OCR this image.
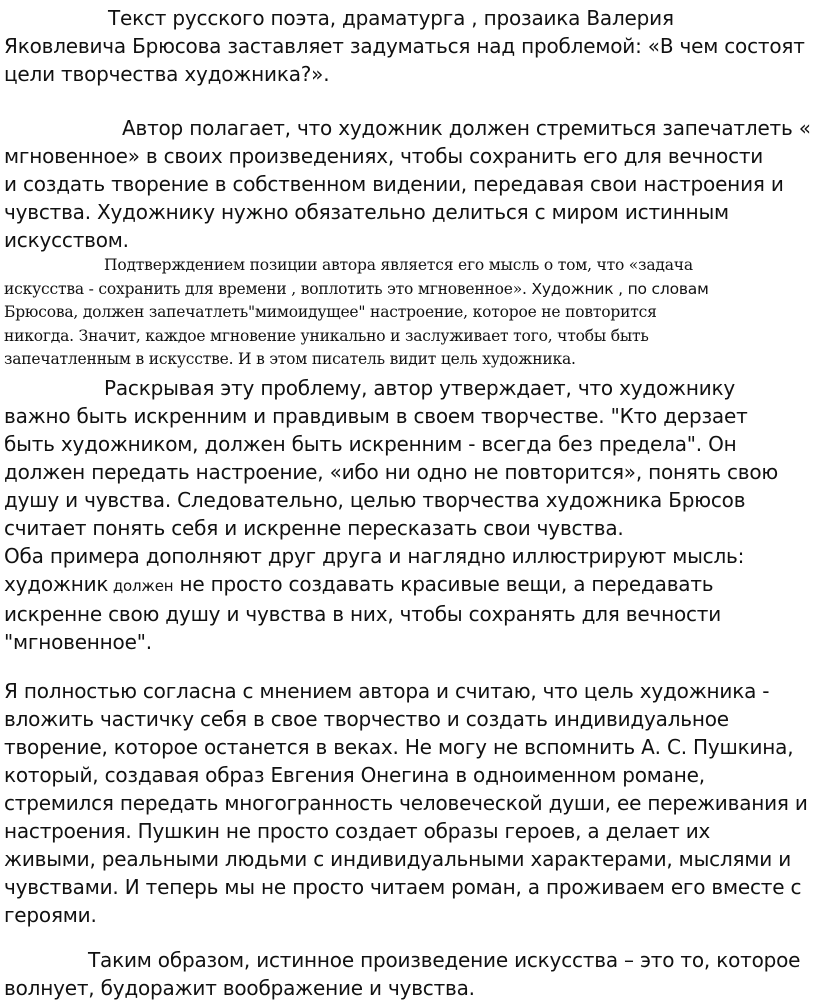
Текст русского поэта, драматурга , прозаика Валерия

Яковлевича Брюсова заставляет задуматься над проблемой: «В чем состоят

цели творчества художника?».

Автор полагает, что художник должен стремиться запечатлеть «

мгновенное» в своих произведениях, чтобы сохранить его для вечности

и создать творение в собственном видении, передавая свои настроения и

чувства. Художнику нужно обязательно делиться с миром истинным

искусством.

Подтверждением позиции автора является его мысль о том, что «задача

искусства - сохранить для времени , воплотить это мгновенное». Художник , по словам

Брюсова, должен запечатлеть"мимоидущее" настроение, которое не повторится

никогда. Значит, каждое мгновение уникально и заслуживает того, чтобы быть

запечатленным в искусстве. И в этом писатель видит цель художника.

Раскрывая эту проблему, автор утверждает, что художнику

важно быть искренним и правдивым в своем творчестве. "Кто дерзает

быть художником, должен быть искренним - всегда без предела". Он

должен передать настроение, «ибо ни одно не повторится», понять свою

душу и чувства. Следовательно, целью творчества художника Брюсов

считает понять себя и искренне пересказать свои чувства.

Оба примера дополняют друг друга и наглядно иллюстрируют мысль:

художник должен не просто создавать красивые вещи, а передавать

искренне свою душу и чувства в них, чтобы сохранять для вечности

"мгновенное".

Я полностью согласна с мнением автора и считаю, что цель художника -

вложить частичку себя в свое творчество и создать индивидуальное

творение, которое останется в веках. Не могу не вспомнить А. С. Пушкина,

который, создавая образ Евгения Онегина в одноименном романе,

стремился передать многогранность человеческой души, ее переживания и

настроения. Пушкин не просто создает образы героев, а делает их

живыми, реальными людьми с индивидуальными характерами, мыслями и

чувствами. И теперь мы не просто читаем роман, а проживаем его вместе с

героями.

Таким образом, истинное произведение искусства – это то, которое

волнует, будоражит воображение и чувства.
